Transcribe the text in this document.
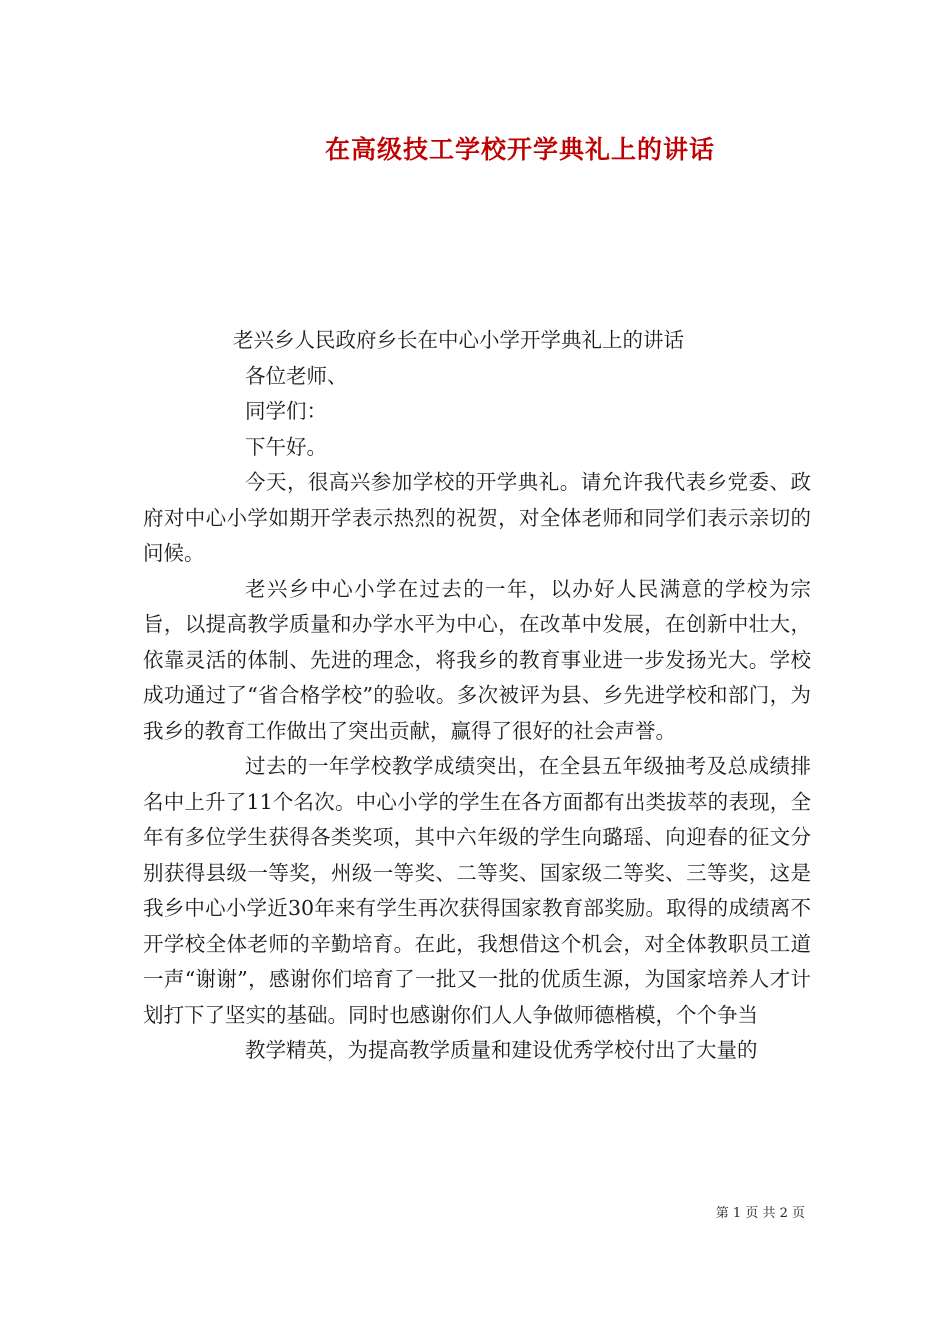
在高级技工学校开学典礼上的讲话

老兴乡人民政府乡长在中心小学开学典礼上的讲话

各位老师、

同学们：

下午好。

今天，很高兴参加学校的开学典礼。请允许我代表乡党委、政府对中心小学如期开学表示热烈的祝贺，对全体老师和同学们表示亲切的问候。

老兴乡中心小学在过去的一年，以办好人民满意的学校为宗旨，以提高教学质量和办学水平为中心，在改革中发展，在创新中壮大，依靠灵活的体制、先进的理念，将我乡的教育事业进一步发扬光大。学校成功通过了“省合格学校”的验收。多次被评为县、乡先进学校和部门，为我乡的教育工作做出了突出贡献，赢得了很好的社会声誉。

过去的一年学校教学成绩突出，在全县五年级抽考及总成绩排名中上升了11个名次。中心小学的学生在各方面都有出类拔萃的表现，全年有多位学生获得各类奖项，其中六年级的学生向璐瑶、向迎春的征文分别获得县级一等奖，州级一等奖、二等奖、国家级二等奖、三等奖，这是我乡中心小学近30年来有学生再次获得国家教育部奖励。取得的成绩离不开学校全体老师的辛勤培育。在此，我想借这个机会，对全体教职员工道一声“谢谢”，感谢你们培育了一批又一批的优质生源，为国家培养人才计划打下了坚实的基础。同时也感谢你们人人争做师德楷模，个个争当

教学精英，为提高教学质量和建设优秀学校付出了大量的

第 1 页 共 2 页
